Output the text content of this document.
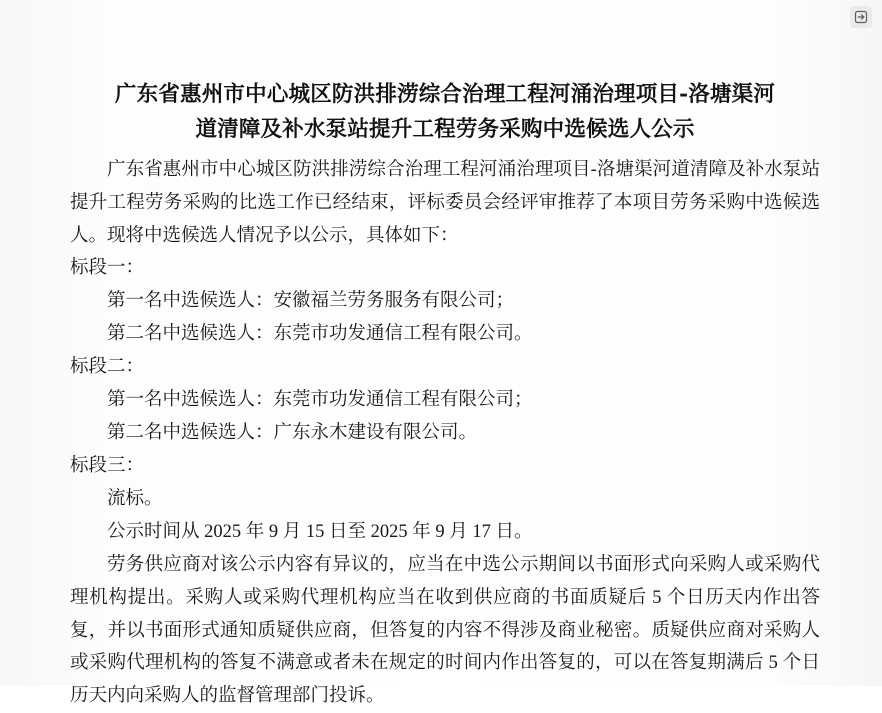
广东省惠州市中心城区防洪排涝综合治理工程河涌治理项目-洛塘渠河
道清障及补水泵站提升工程劳务采购中选候选人公示

广东省惠州市中心城区防洪排涝综合治理工程河涌治理项目-洛塘渠河道清障及补水泵站提升工程劳务采购的比选工作已经结束，评标委员会经评审推荐了本项目劳务采购中选候选人。现将中选候选人情况予以公示，具体如下：

标段一：

第一名中选候选人：安徽福兰劳务服务有限公司；

第二名中选候选人：东莞市功发通信工程有限公司。

标段二：

第一名中选候选人：东莞市功发通信工程有限公司；

第二名中选候选人：广东永木建设有限公司。

标段三：

流标。

公示时间从 2025 年 9 月 15 日至 2025 年 9 月 17 日。

劳务供应商对该公示内容有异议的，应当在中选公示期间以书面形式向采购人或采购代理机构提出。采购人或采购代理机构应当在收到供应商的书面质疑后 5 个日历天内作出答复，并以书面形式通知质疑供应商，但答复的内容不得涉及商业秘密。质疑供应商对采购人或采购代理机构的答复不满意或者未在规定的时间内作出答复的，可以在答复期满后 5 个日历天内向采购人的监督管理部门投诉。
